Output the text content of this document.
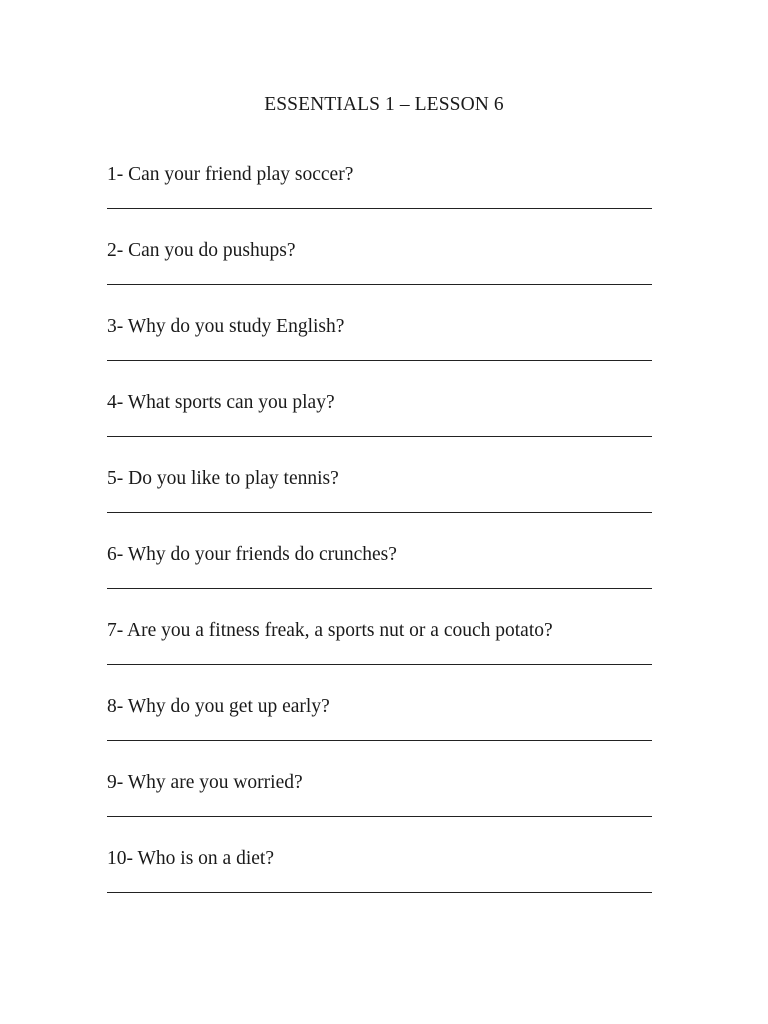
ESSENTIALS 1 – LESSON 6
1- Can your friend play soccer?
2- Can you do pushups?
3- Why do you study English?
4- What sports can you play?
5- Do you like to play tennis?
6- Why do your friends do crunches?
7- Are you a fitness freak, a sports nut or a couch potato?
8- Why do you get up early?
9- Why are you worried?
10- Who is on a diet?
